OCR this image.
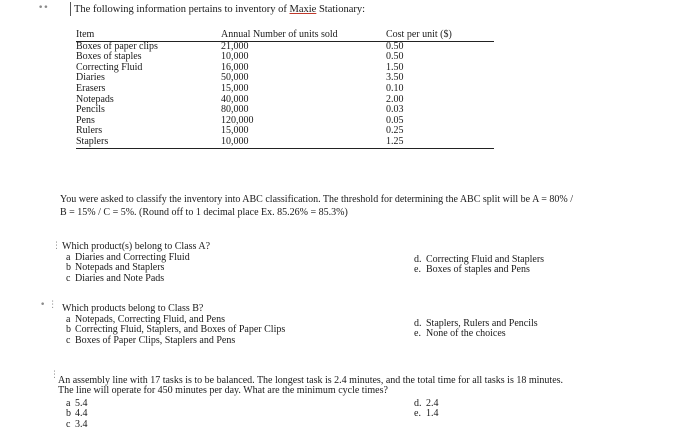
•• The following information pertains to inventory of Maxie Stationary:
Item	Annual Number of units sold	Cost per unit ($)
Boxes of paper clips	21,000	0.50
Boxes of staples	10,000	0.50
Correcting Fluid	16,000	1.50
Diaries	50,000	3.50
Erasers	15,000	0.10
Notepads	40,000	2.00
Pencils	80,000	0.03
Pens	120,000	0.05
Rulers	15,000	0.25
Staplers	10,000	1.25
You were asked to classify the inventory into ABC classification. The threshold for determining the ABC split will be A = 80% /
B = 15% / C = 5%. (Round off to 1 decimal place Ex. 85.26% = 85.3%)
⋮ Which product(s) belong to Class A?
a Diaries and Correcting Fluid
b Notepads and Staplers
c Diaries and Note Pads
d. Correcting Fluid and Staplers
e. Boxes of staples and Pens
• ⋮ Which products belong to Class B?
a Notepads, Correcting Fluid, and Pens
b Correcting Fluid, Staplers, and Boxes of Paper Clips
c Boxes of Paper Clips, Staplers and Pens
d. Staplers, Rulers and Pencils
e. None of the choices
⋮ An assembly line with 17 tasks is to be balanced. The longest task is 2.4 minutes, and the total time for all tasks is 18 minutes.
The line will operate for 450 minutes per day. What are the minimum cycle times?
a 5.4
b 4.4
c 3.4
d. 2.4
e. 1.4
